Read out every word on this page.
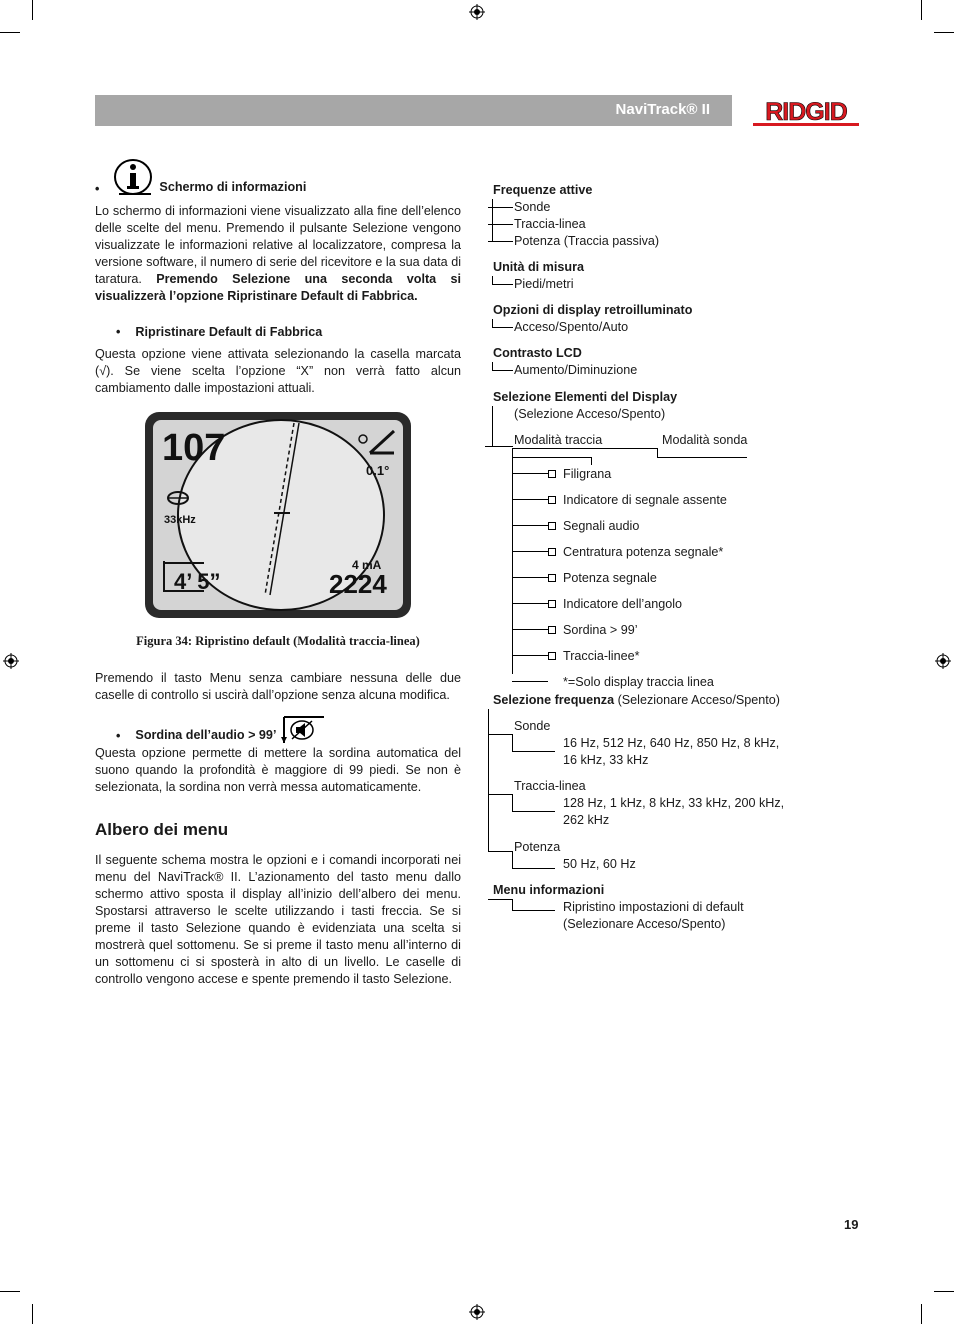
NaviTrack® II RIDGID
•	Schermo di informazioni

Lo schermo di informazioni viene visualizzato alla fine dell’elenco delle scelte del menu. Premendo il pulsante Selezione vengono visualizzate le informazioni relative al localizzatore, compresa la versione software, il numero di serie del ricevitore e la sua data di taratura. Premendo Selezione una seconda volta si visualizzerà l’opzione Ripristinare Default di Fabbrica.

• Ripristinare Default di Fabbrica

Questa opzione viene attivata selezionando la casella marcata (√). Se viene scelta l’opzione “X” non verrà fatto alcun cambiamento dalle impostazioni attuali.

107
0.1°
33kHz
4 mA
4’ 5”	2224
Figura 34: Ripristino default (Modalità traccia-linea)

Premendo il tasto Menu senza cambiare nessuna delle due caselle di controllo si uscirà dall’opzione senza alcuna modifica.

• Sordina dell’audio > 99’

Questa opzione permette di mettere la sordina automatica del suono quando la profondità è maggiore di 99 piedi. Se non è selezionata, la sordina non verrà messa automaticamente.

Albero dei menu

Il seguente schema mostra le opzioni e i comandi incorporati nei menu del NaviTrack® II. L’azionamento del tasto menu dallo schermo attivo sposta il display all’inizio dell’albero dei menu. Spostarsi attraverso le scelte utilizzando i tasti freccia. Se si preme il tasto Selezione quando è evidenziata una scelta si mostrerà quel sottomenu. Se si preme il tasto menu all’interno di un sottomenu ci si sposterà in alto di un livello. Le caselle di controllo vengono accese e spente premendo il tasto Selezione.

Frequenze attive
Sonde
Traccia-linea
Potenza (Traccia passiva)
Unità di misura
Piedi/metri
Opzioni di display retroilluminato
Acceso/Spento/Auto
Contrasto LCD
Aumento/Diminuzione
Selezione Elementi del Display
(Selezione Acceso/Spento)
Modalità traccia	Modalità sonda
Filigrana
Indicatore di segnale assente
Segnali audio
Centratura potenza segnale*
Potenza segnale
Indicatore dell’angolo
Sordina > 99’
Traccia-linee*
*=Solo display traccia linea
Selezione frequenza (Selezionare Acceso/Spento)
Sonde
16 Hz, 512 Hz, 640 Hz, 850 Hz, 8 kHz,
16 kHz, 33 kHz
Traccia-linea
128 Hz, 1 kHz, 8 kHz, 33 kHz, 200 kHz,
262 kHz
Potenza
50 Hz, 60 Hz
Menu informazioni
Ripristino impostazioni di default
(Selezionare Acceso/Spento)
19
